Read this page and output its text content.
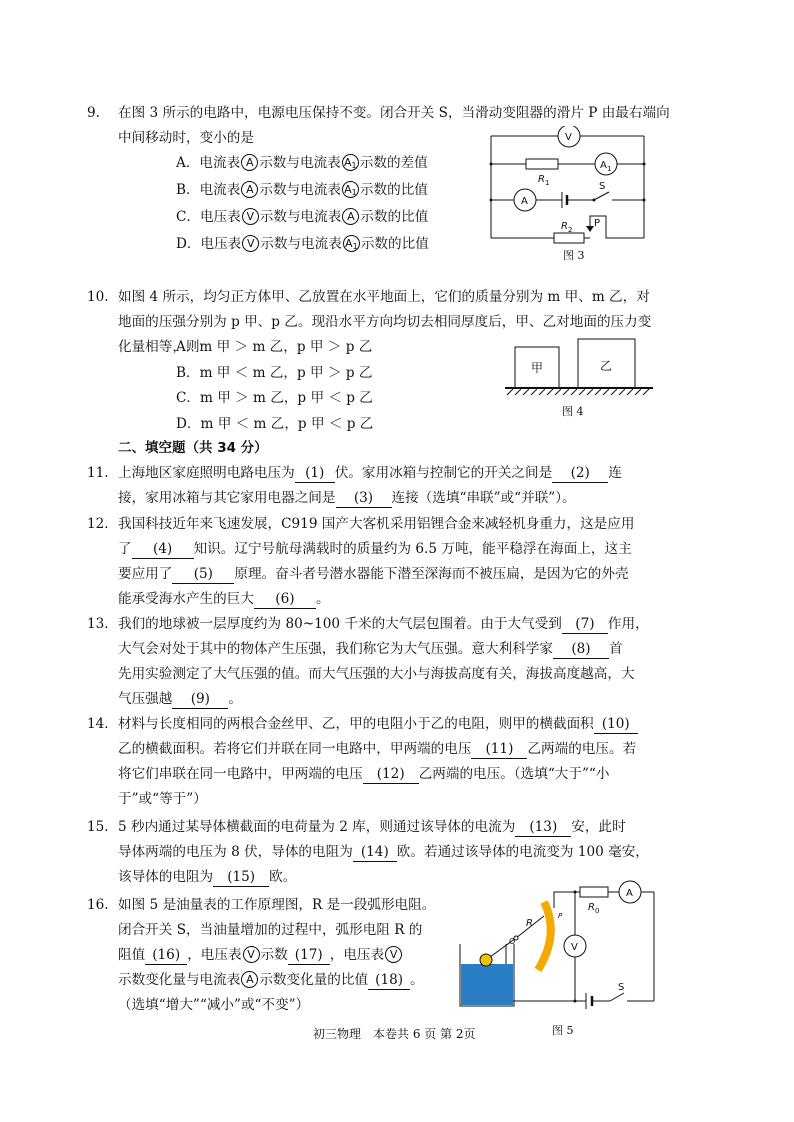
9. 在图 3 所示的电路中，电源电压保持不变。闭合开关 S，当滑动变阻器的滑片 P 由最右端向中间移动时，变小的是
A．电流表 A 示数与电流表 $A_1$ 示数的差值
B．电流表 A 示数与电流表 $A_1$ 示数的比值
C．电压表 V 示数与电流表 A 示数的比值
D．电压表 V 示数与电流表 $A_1$ 示数的比值
V
A 1
A
R 1	S
R 2
P
图 3
10. 如图 4 所示，均匀正方体甲、乙放置在水平地面上，它们的质量分别为 m 甲、m 乙，对
地面的压强分别为 p 甲、p 乙。现沿水平方向均切去相同厚度后，甲、乙对地面的压力变
化量相等，则
A．m 甲 ＞ m 乙，p 甲 ＞ p 乙
B．m 甲 ＜ m 乙，p 甲 ＞ p 乙
C．m 甲 ＞ m 乙，p 甲 ＜ p 乙
D．m 甲 ＜ m 乙，p 甲 ＜ p 乙
甲	乙
图 4
二、填空题（共 34 分）
11. 上海地区家庭照明电路电压为 (1) 伏。家用冰箱与控制它的开关之间是 (2) 连
接，家用冰箱与其它家用电器之间是 (3) 连接（选填“串联”或“并联”）。
12. 我国科技近年来飞速发展，C919 国产大客机采用铝锂合金来减轻机身重力，这是应用
了 (4) 知识。辽宁号航母满载时的质量约为 6.5 万吨，能平稳浮在海面上，这主
要应用了 (5) 原理。奋斗者号潜水器能下潜至深海而不被压扁，是因为它的外壳
能承受海水产生的巨大 (6) 。
13. 我们的地球被一层厚度约为 80~100 千米的大气层包围着。由于大气受到 (7) 作用，
大气会对处于其中的物体产生压强，我们称它为大气压强。意大利科学家 (8) 首
先用实验测定了大气压强的值。而大气压强的大小与海拔高度有关，海拔高度越高，大
气压强越 (9) 。
14. 材料与长度相同的两根合金丝甲、乙，甲的电阻小于乙的电阻，则甲的横截面积 (10)
乙的横截面积。若将它们并联在同一电路中，甲两端的电压 (11) 乙两端的电压。若
将它们串联在同一电路中，甲两端的电压 (12) 乙两端的电压。（选填“大于”“小
于”或“等于”）
15. 5 秒内通过某导体横截面的电荷量为 2 库，则通过该导体的电流为 (13) 安，此时
导体两端的电压为 8 伏，导体的电阻为 (14) 欧。若通过该导体的电流变为 100 毫安，
该导体的电阻为 (15) 欧。
16. 如图 5 是油量表的工作原理图，R 是一段弧形电阻。
闭合开关 S，当油量增加的过程中，弧形电阻 R 的
阻值 (16) ，电压表 V 示数 (17) ，电压表 V
示数变化量与电流表 A 示数变化量的比值 (18) 。
（选填“增大”“减小”或“不变”）
A
V
R 0
R
S
O
P
图 5
初三物理　本卷共 6 页 第 2页
